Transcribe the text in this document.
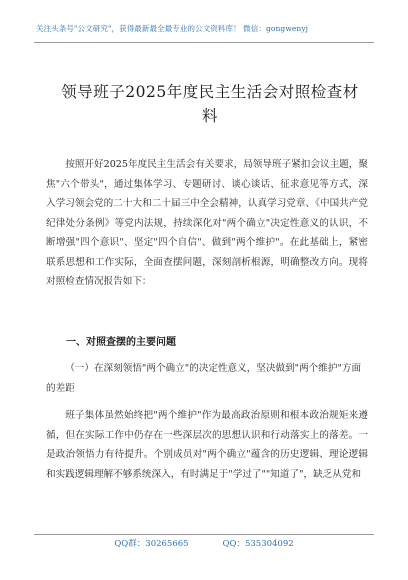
关注头条号"公文研究"，获得最新最全最专业的公文资料库！ 微信：gongwenyj
领导班子2025年度民主生活会对照检查材料

按照开好2025年度民主生活会有关要求，局领导班子紧扣会议主题，聚焦"六个带头"，通过集体学习、专题研讨、谈心谈话、征求意见等方式，深入学习领会党的二十大和二十届三中全会精神，认真学习党章、《中国共产党纪律处分条例》等党内法规，持续深化对"两个确立"决定性意义的认识，不断增强"四个意识"、坚定"四个自信"、做到"两个维护"。在此基础上，紧密联系思想和工作实际，全面查摆问题，深刻剖析根源，明确整改方向。现将对照检查情况报告如下：

一、对照查摆的主要问题

（一）在深刻领悟"两个确立"的决定性意义，坚决做到"两个维护"方面的差距

班子集体虽然始终把"两个维护"作为最高政治原则和根本政治规矩来遵循，但在实际工作中仍存在一些深层次的思想认识和行动落实上的落差。一是政治领悟力有待提升。个别成员对"两个确立"蕴含的历史逻辑、理论逻辑和实践逻辑理解不够系统深入，有时满足于"学过了""知道了"，缺乏从党和

QQ群：30265665	QQ：535304092
